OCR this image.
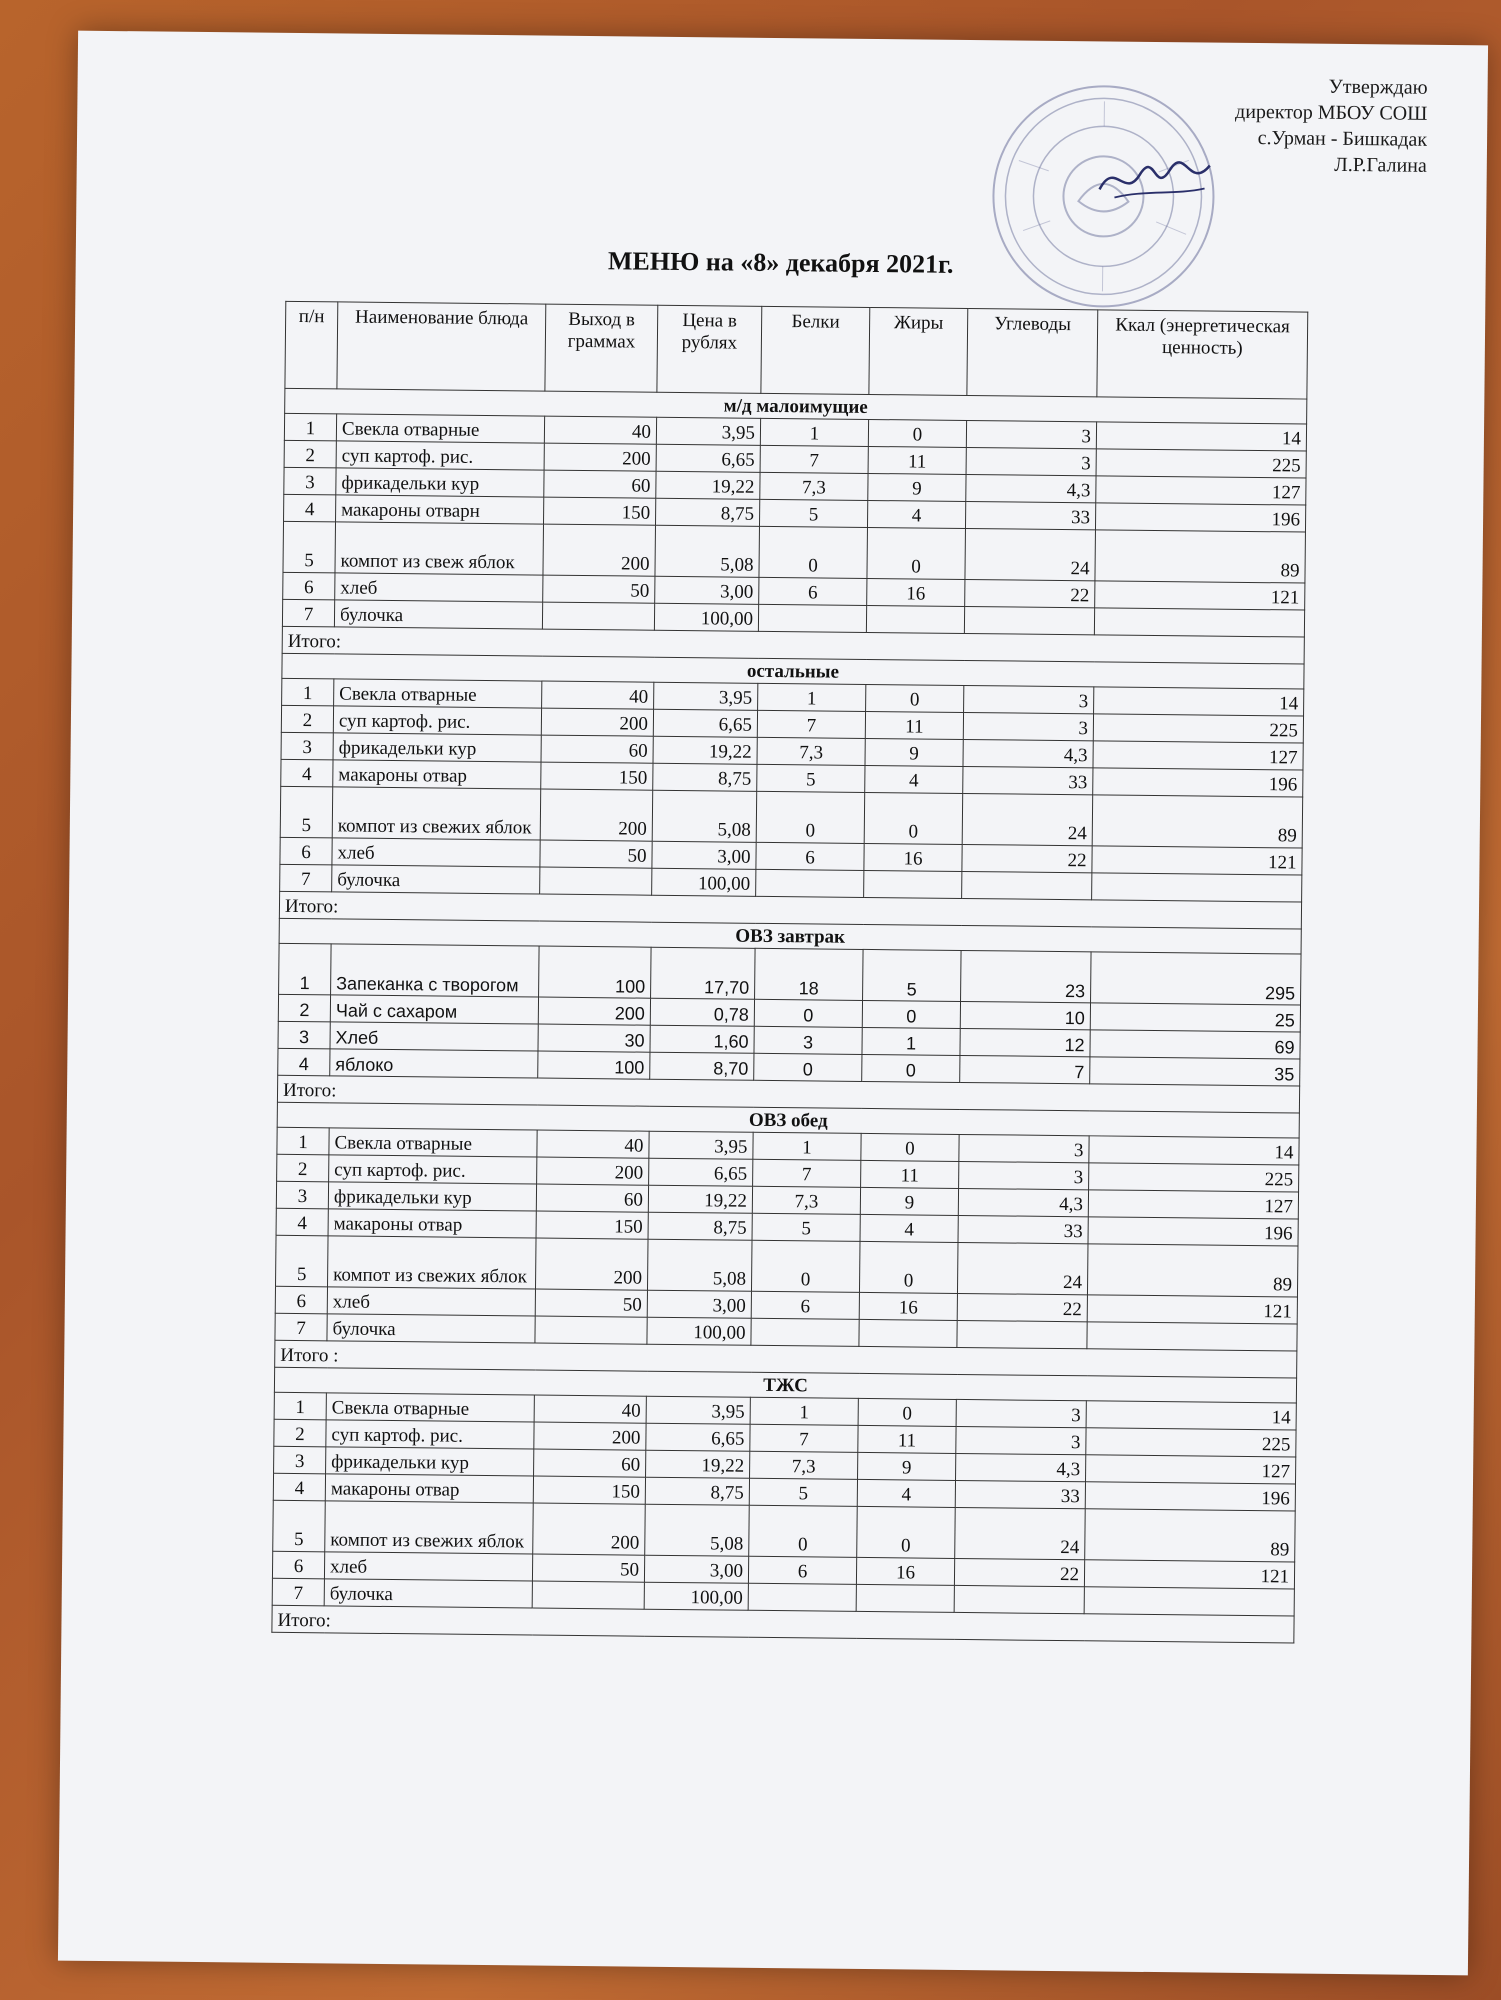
Утверждаю
директор МБОУ СОШ
с.Урман - Бишкадак
Л.Р.Галина
МЕНЮ на «8» декабря 2021г.
п/н	Наименование блюда	Выход в граммах	Цена в рублях	Белки	Жиры	Углеводы	Ккал (энергетическая ценность)
м/д малоимущие							
1	Свекла отварные	40	3,95	1	0	3	14
2	суп картоф. рис.	200	6,65	7	11	3	225
3	фрикадельки кур	60	19,22	7,3	9	4,3	127
4	макароны отварн	150	8,75	5	4	33	196
5	компот из свеж яблок	200	5,08	0	0	24	89
6	хлеб	50	3,00	6	16	22	121
7	булочка		100,00				
Итого:							
остальные							
1	Свекла отварные	40	3,95	1	0	3	14
2	суп картоф. рис.	200	6,65	7	11	3	225
3	фрикадельки кур	60	19,22	7,3	9	4,3	127
4	макароны отвар	150	8,75	5	4	33	196
5	компот из свежих яблок	200	5,08	0	0	24	89
6	хлеб	50	3,00	6	16	22	121
7	булочка		100,00				
Итого:							
ОВЗ завтрак							
1	Запеканка с творогом	100	17,70	18	5	23	295
2	Чай с сахаром	200	0,78	0	0	10	25
3	Хлеб	30	1,60	3	1	12	69
4	яблоко	100	8,70	0	0	7	35
Итого:							
ОВЗ обед							
1	Свекла отварные	40	3,95	1	0	3	14
2	суп картоф. рис.	200	6,65	7	11	3	225
3	фрикадельки кур	60	19,22	7,3	9	4,3	127
4	макароны отвар	150	8,75	5	4	33	196
5	компот из свежих яблок	200	5,08	0	0	24	89
6	хлеб	50	3,00	6	16	22	121
7	булочка		100,00				
Итого :							
ТЖС							
1	Свекла отварные	40	3,95	1	0	3	14
2	суп картоф. рис.	200	6,65	7	11	3	225
3	фрикадельки кур	60	19,22	7,3	9	4,3	127
4	макароны отвар	150	8,75	5	4	33	196
5	компот из свежих яблок	200	5,08	0	0	24	89
6	хлеб	50	3,00	6	16	22	121
7	булочка		100,00				
Итого:							
